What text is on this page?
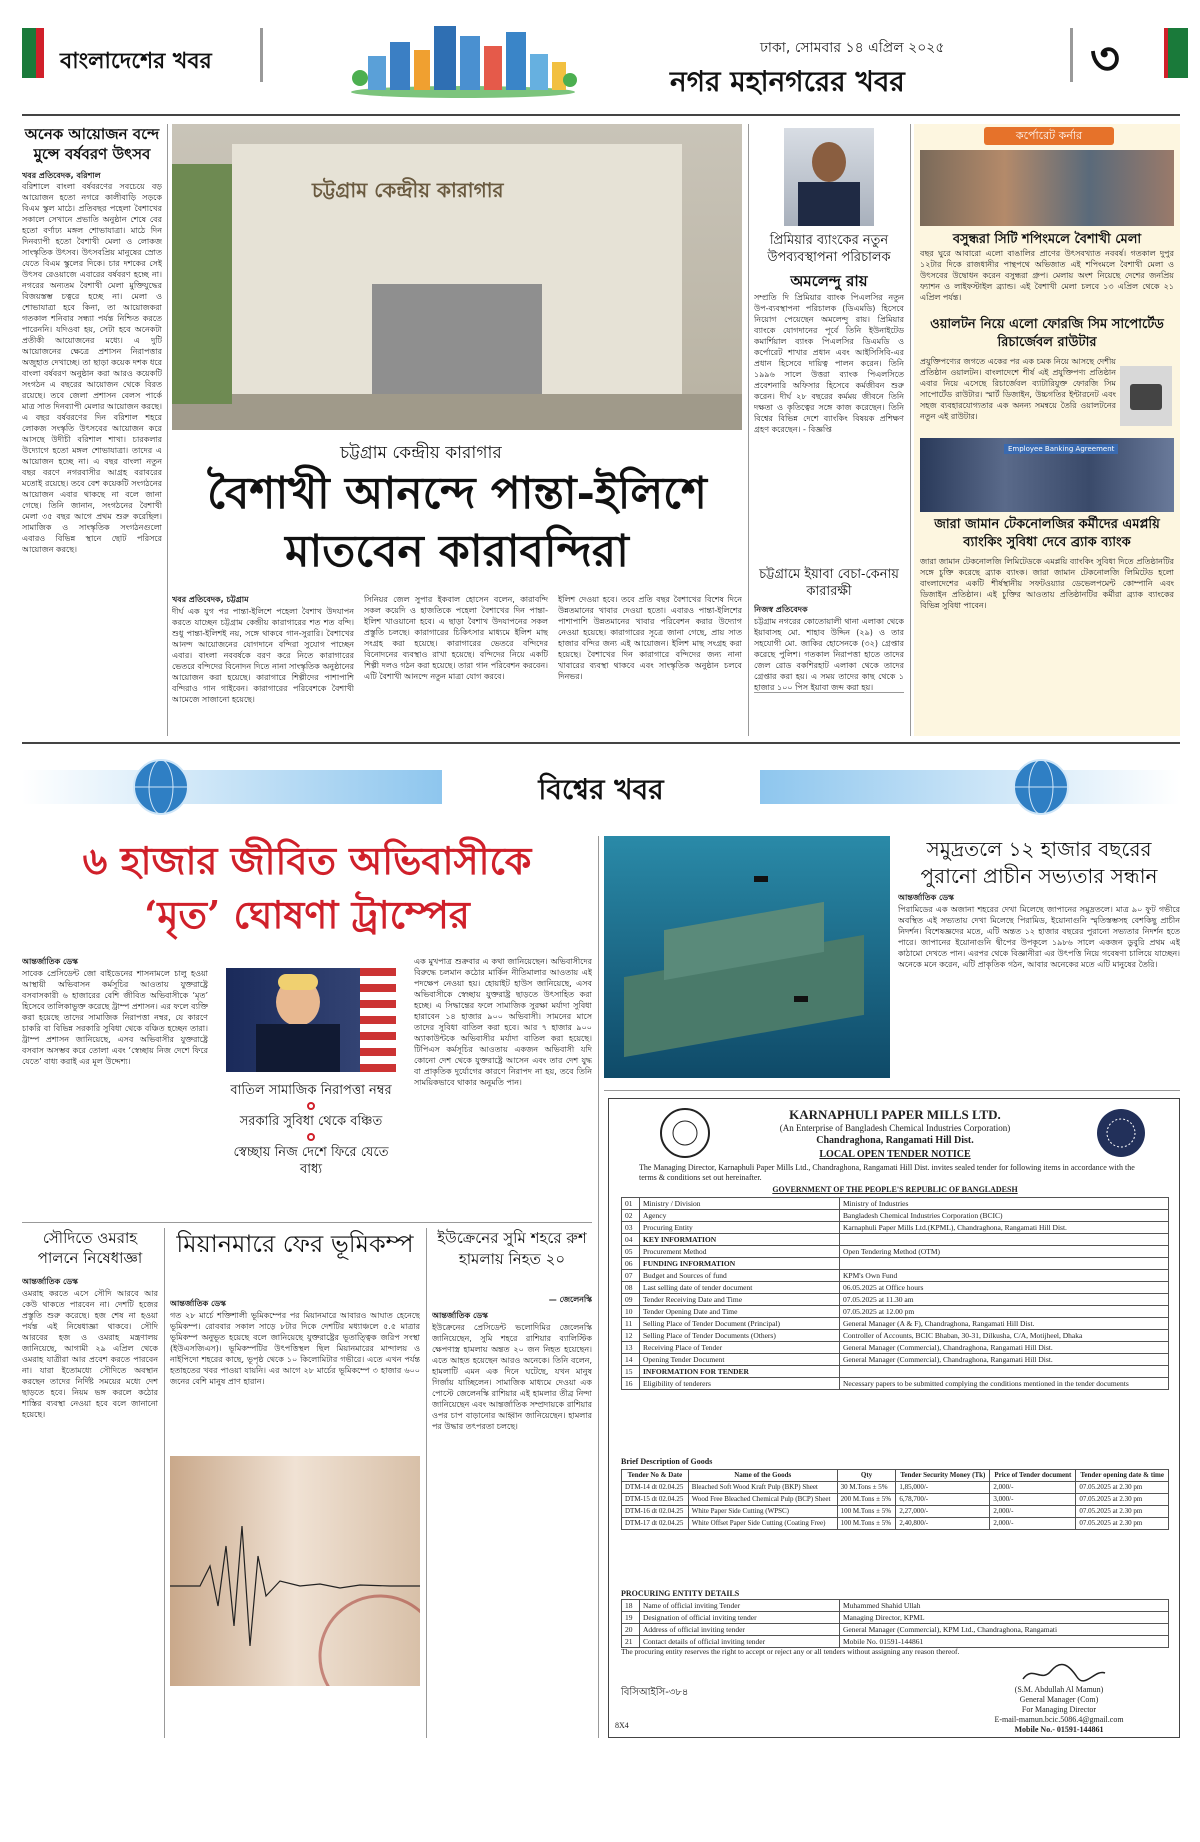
বাংলাদেশের খবর	ঢাকা, সোমবার ১৪ এপ্রিল ২০২৫
নগর মহানগরের খবর	৩
অনেক আয়োজন বন্দে মুন্সে বর্ষবরণ উৎসব
খবর প্রতিবেদক, বরিশাল
বরিশালে বাংলা বর্ষবরণের সবচেয়ে বড় আয়োজন হতো নগরে কালীবাড়ি সড়কে বিএম স্কুল মাঠে। প্রতিবছর পহেলা বৈশাখের সকালে সেখানে প্রভাতি অনুষ্ঠান শেষে বের হতো বর্ণাঢ্য মঙ্গল শোভাযাত্রা। মাঠে দিন দিনব্যাপী হতো বৈশাখী মেলা ও লোকজ সাংস্কৃতিক উৎসব। উৎসবপ্রিয় মানুষের স্রোত যেতে বিএম স্কুলের দিকে। চার দশকের সেই উৎসব রেওয়াজে এবারের বর্ষবরণ হচ্ছে না। নগরের অন্যতম বৈশাখী মেলা মুক্তিযুদ্ধের বিজয়স্তম্ভ চত্বরে হচ্ছে না। মেলা ও শোভাযাত্রা হবে কিনা, তা আয়োজকরা গতকাল শনিবার সন্ধ্যা পর্যন্ত নিশ্চিত করতে পারেননি। যদিওবা হয়, সেটা হবে অনেকটা প্রতীকী আয়োজনের মধ্যে। এ দুটি আয়োজনের ক্ষেত্রে প্রশাসন নিরাপত্তার অজুহাত দেখাচ্ছে। তা ছাড়া কয়েক দশক ধরে বাংলা বর্ষবরণ অনুষ্ঠান করা আরও কয়েকটি সংগঠন এ বছরের আয়োজন থেকে বিরত রয়েছে। তবে জেলা প্রশাসন বেলস পার্কে মাত্র সাত দিনব্যাপী মেলার আয়োজন করছে। এ বছর বর্ষবরণের দিন বরিশাল শহরে লোকজ সংস্কৃতি উৎসবের আয়োজন করে আসছে উদীচী বরিশাল শাখা। চারকলার উদ্যোগে হতো মঙ্গল শোভাযাত্রা। তাদের এ আয়োজন হচ্ছে না। এ বছর বাংলা নতুন বছর বরণে নগরবাসীর আগ্রহ বরাবরের মতোই রয়েছে। তবে বেশ কয়েকটি সংগঠনের আয়োজন এবার থাকছে না বলে জানা গেছে। তিনি জানান, সংগঠনের বৈশাখী মেলা ৩৫ বছর আগে প্রথম শুরু করেছিল। সামাজিক ও সাংস্কৃতিক সংগঠনগুলো এবারও বিভিন্ন স্থানে ছোট পরিসরে আয়োজন করছে।
চট্টগ্রাম কেন্দ্রীয় কারাগার
চট্টগ্রাম কেন্দ্রীয় কারাগার
বৈশাখী আনন্দে পান্তা-ইলিশে
মাতবেন কারাবন্দিরা
খবর প্রতিবেদক, চট্টগ্রাম
দীর্ঘ এক যুগ পর পান্তা-ইলিশে পহেলা বৈশাখ উদযাপন করতে যাচ্ছেন চট্টগ্রাম কেন্দ্রীয় কারাগারের শত শত বন্দি। শুধু পান্তা-ইলিশই নয়, সঙ্গে থাকবে গান-সুরারি। বৈশাখের আনন্দ আয়োজনের যোগদানে বন্দিরা সুযোগ পাচ্ছেন এবার। বাংলা নববর্ষকে বরণ করে নিতে কারাগারের ভেতরে বন্দিদের বিনোদন দিতে নানা সাংস্কৃতিক অনুষ্ঠানের আয়োজন করা হয়েছে। কারাগারে শিল্পীদের পাশাপাশি বন্দিরাও গান গাইবেন। কারাগারের পরিবেশকে বৈশাখী আমেজে সাজানো হয়েছে।
সিনিয়র জেল সুপার ইকবাল হোসেন বলেন, কারাবন্দি সকল কয়েদি ও হাজতিকে পহেলা বৈশাখের দিন পান্তা-ইলিশ খাওয়ানো হবে। এ ছাড়া বৈশাখ উদযাপনের সকল প্রস্তুতি চলছে। কারাগারের চিকিৎসার মাধ্যমে ইলিশ মাছ সংগ্রহ করা হয়েছে। কারাগারের ভেতরে বন্দিদের বিনোদনের ব্যবস্থাও রাখা হয়েছে। বন্দিদের নিয়ে একটি শিল্পী দলও গঠন করা হয়েছে। তারা গান পরিবেশন করবেন। এটি বৈশাখী আনন্দে নতুন মাত্রা যোগ করবে।
ইলিশ দেওয়া হবে। তবে প্রতি বছর বৈশাখের বিশেষ দিনে উন্নতমানের খাবার দেওয়া হতো। এবারও পান্তা-ইলিশের পাশাপাশি উন্নতমানের খাবার পরিবেশন করার উদ্যোগ নেওয়া হয়েছে। কারাগারের সূত্রে জানা গেছে, প্রায় সাত হাজার বন্দির জন্য এই আয়োজন। ইলিশ মাছ সংগ্রহ করা হয়েছে। বৈশাখের দিন কারাগারে বন্দিদের জন্য নানা খাবারের ব্যবস্থা থাকবে এবং সাংস্কৃতিক অনুষ্ঠান চলবে দিনভর।
প্রিমিয়ার ব্যাংকের নতুন উপব্যবস্থাপনা পরিচালক
অমলেন্দু রায়
সম্প্রতি দি প্রিমিয়ার ব্যাংক পিএলসির নতুন উপ-ব্যবস্থাপনা পরিচালক (ডিএমডি) হিসেবে নিয়োগ পেয়েছেন অমলেন্দু রায়। প্রিমিয়ার ব্যাংকে যোগদানের পূর্বে তিনি ইউনাইটেড কমার্শিয়াল ব্যাংক পিএলসির ডিএমডি ও কর্পোরেট শাখার প্রধান এবং আইসিসিবি-এর প্রধান হিসেবে দায়িত্ব পালন করেন। তিনি ১৯৯৬ সালে উত্তরা ব্যাংক পিএলসিতে প্রবেশনারি অফিসার হিসেবে কর্মজীবন শুরু করেন। দীর্ঘ ২৮ বছরের কর্মময় জীবনে তিনি দক্ষতা ও কৃতিত্বের সঙ্গে কাজ করেছেন। তিনি বিশ্বের বিভিন্ন দেশে ব্যাংকিং বিষয়ক প্রশিক্ষণ গ্রহণ করেছেন। - বিজ্ঞপ্তি
চট্টগ্রামে ইয়াবা বেচা-কেনায় কারারক্ষী
নিজস্ব প্রতিবেদক
চট্টগ্রাম নগরের কোতোয়ালী থানা এলাকা থেকে ইয়াবাসহ মো. শাহাব উদ্দিন (২৯) ও তার সহযোগী মো. জাকির হোসেনকে (৩২) গ্রেপ্তার করেছে পুলিশ। গতকাল নিরাপত্তা হাতে তাদের জেল রোড বকশিরহাট এলাকা থেকে তাদের গ্রেপ্তার করা হয়। এ সময় তাদের কাছ থেকে ১ হাজার ১০০ পিস ইয়াবা জব্দ করা হয়।
কর্পোরেট কর্নার
বসুন্ধরা সিটি শপিংমলে বৈশাখী মেলা
বছর ঘুরে আবারো এলো বাঙালির প্রাণের উৎসবখ্যাত নববর্ষ। গতকাল দুপুর ১২টার দিকে রাজধানীর পান্থপথে অভিজাত এই শপিংমলে বৈশাখী মেলা ও উৎসবের উদ্বোধন করেন বসুন্ধরা গ্রুপ। মেলায় অংশ নিয়েছে দেশের জনপ্রিয় ফ্যাশন ও লাইফস্টাইল ব্র্যান্ড। এই বৈশাখী মেলা চলবে ১৩ এপ্রিল থেকে ২১ এপ্রিল পর্যন্ত।
ওয়ালটন নিয়ে এলো ফোরজি সিম সাপোর্টেড রিচার্জেবল রাউটার
প্রযুক্তিপণ্যের জগতে একের পর এক চমক নিয়ে আসছে দেশীয় প্রতিষ্ঠান ওয়ালটন। বাংলাদেশে শীর্ষ এই প্রযুক্তিপণ্য প্রতিষ্ঠান এবার নিয়ে এসেছে রিচার্জেবল ব্যাটারিযুক্ত ফোরজি সিম সাপোর্টেড রাউটার। স্মার্ট ডিজাইন, উচ্চগতির ইন্টারনেট এবং সহজ ব্যবহারযোগ্যতার এক অনন্য সমন্বয়ে তৈরি ওয়ালটনের নতুন এই রাউটার।
Employee Banking Agreement
জারা জামান টেকনোলজির কর্মীদের এমপ্লয়ি ব্যাংকিং সুবিধা দেবে ব্র্যাক ব্যাংক
জারা জামান টেকনোলজি লিমিটেডকে এমপ্লয়ি ব্যাংকিং সুবিধা দিতে প্রতিষ্ঠানটির সঙ্গে চুক্তি করেছে ব্র্যাক ব্যাংক। জারা জামান টেকনোলজি লিমিটেড হলো বাংলাদেশের একটি শীর্ষস্থানীয় সফটওয়্যার ডেভেলপমেন্ট কোম্পানি এবং ডিজাইন প্রতিষ্ঠান। এই চুক্তির আওতায় প্রতিষ্ঠানটির কর্মীরা ব্র্যাক ব্যাংকের বিভিন্ন সুবিধা পাবেন।
বিশ্বের খবর
৬ হাজার জীবিত অভিবাসীকে
‘মৃত’ ঘোষণা ট্রাম্পের
আন্তর্জাতিক ডেস্ক
সাবেক প্রেসিডেন্ট জো বাইডেনের শাসনামলে চালু হওয়া আস্থায়ী অভিবাসন কর্মসূচির আওতায় যুক্তরাষ্ট্রে বসবাসকারী ৬ হাজারের বেশি জীবিত অভিবাসীকে ‘মৃত’ হিসেবে তালিকাভুক্ত করেছে ট্রাম্প প্রশাসন। এর ফলে ব্যক্তি করা হয়েছে তাদের সামাজিক নিরাপত্তা নম্বর, যে কারণে চাকরি বা বিভিন্ন সরকারি সুবিধা থেকে বঞ্চিত হচ্ছেন তারা। ট্রাম্প প্রশাসন জানিয়েছে, এসব অভিবাসীর যুক্তরাষ্ট্রে বসবাস অসম্ভব করে তোলা এবং ‘স্বেচ্ছায় নিজ দেশে ফিরে যেতে’ বাধ্য করাই এর মূল উদ্দেশ্য।
বাতিল সামাজিক নিরাপত্তা নম্বর
সরকারি সুবিধা থেকে বঞ্চিত
স্বেচ্ছায় নিজ দেশে ফিরে যেতে বাধ্য
এক মুখপাত্র শুক্রবার এ কথা জানিয়েছেন। অভিবাসীদের বিরুদ্ধে চলমান কঠোর মার্কিন নীতিমালার আওতায় এই পদক্ষেপ নেওয়া হয়। হোয়াইট হাউস জানিয়েছে, এসব অভিবাসীকে স্বেচ্ছায় যুক্তরাষ্ট্র ছাড়তে উৎসাহিত করা হচ্ছে। এ সিদ্ধান্তের ফলে সামাজিক সুরক্ষা মর্যাদা সুবিধা হারাবেন ১৪ হাজার ৯০০ অভিবাসী। সামনের মাসে তাদের সুবিধা বাতিল করা হবে। আর ৭ হাজার ৯০০ অ্যাকাউন্টকে অভিবাসীর মর্যাদা বাতিল করা হয়েছে। টিপিএস কর্মসূচির আওতায় একজন অভিবাসী যদি কোনো দেশ থেকে যুক্তরাষ্ট্রে আসেন এবং তার দেশ যুদ্ধ বা প্রাকৃতিক দুর্যোগের কারণে নিরাপদ না হয়, তবে তিনি সাময়িকভাবে থাকার অনুমতি পান।
সৌদিতে ওমরাহ পালনে নিষেধাজ্ঞা
আন্তর্জাতিক ডেস্ক
ওমরাহ করতে এসে সৌদি আরবে আর কেউ থাকতে পারবেন না। দেশটি হজের প্রস্তুতি শুরু করেছে। হজ শেষ না হওয়া পর্যন্ত এই নিষেধাজ্ঞা থাকবে। সৌদি আরবের হজ ও ওমরাহ মন্ত্রণালয় জানিয়েছে, আগামী ২৯ এপ্রিল থেকে ওমরাহ যাত্রীরা আর প্রবেশ করতে পারবেন না। যারা ইতোমধ্যে সৌদিতে অবস্থান করছেন তাদের নির্দিষ্ট সময়ের মধ্যে দেশ ছাড়তে হবে। নিয়ম ভঙ্গ করলে কঠোর শাস্তির ব্যবস্থা নেওয়া হবে বলে জানানো হয়েছে।
মিয়ানমারে ফের ভূমিকম্প
আন্তর্জাতিক ডেস্ক
গত ২৮ মার্চে শক্তিশালী ভূমিকম্পের পর মিয়ানমারে আবারও আঘাত হেনেছে ভূমিকম্প। রোববার সকাল সাড়ে ৮টার দিকে দেশটির মধ্যাঞ্চলে ৫.৫ মাত্রার ভূমিকম্প অনুভূত হয়েছে বলে জানিয়েছে যুক্তরাষ্ট্রের ভূতাত্ত্বিক জরিপ সংস্থা (ইউএসজিএস)। ভূমিকম্পটির উৎপত্তিস্থল ছিল মিয়ানমারের মান্দালয় ও নাইপিদো শহরের কাছে, ভূপৃষ্ঠ থেকে ১০ কিলোমিটার গভীরে। এতে এখন পর্যন্ত হতাহতের খবর পাওয়া যায়নি। এর আগে ২৮ মার্চের ভূমিকম্পে ৩ হাজার ৬০০ জনের বেশি মানুষ প্রাণ হারান।
ইউক্রেনের সুমি শহরে রুশ হামলায় নিহত ২০
— জেলেনস্কি
আন্তর্জাতিক ডেস্ক
ইউক্রেনের প্রেসিডেন্ট ভলোদিমির জেলেনস্কি জানিয়েছেন, সুমি শহরে রাশিয়ার ব্যালিস্টিক ক্ষেপণাস্ত্র হামলায় অন্তত ২০ জন নিহত হয়েছেন। এতে আহত হয়েছেন আরও অনেকে। তিনি বলেন, হামলাটি এমন এক দিনে ঘটেছে, যখন মানুষ গির্জায় যাচ্ছিলেন। সামাজিক মাধ্যমে দেওয়া এক পোস্টে জেলেনস্কি রাশিয়ার এই হামলার তীব্র নিন্দা জানিয়েছেন এবং আন্তর্জাতিক সম্প্রদায়কে রাশিয়ার ওপর চাপ বাড়ানোর আহ্বান জানিয়েছেন। হামলার পর উদ্ধার তৎপরতা চলছে।
সমুদ্রতলে ১২ হাজার বছরের পুরানো প্রাচীন সভ্যতার সন্ধান
আন্তর্জাতিক ডেস্ক
পিরামিডের এক অজানা শহরের দেখা মিলেছে জাপানের সমুদ্রতলে। মাত্র ৯০ ফুট গভীরে অবস্থিত এই সভ্যতায় দেখা মিলেছে পিরামিড, ইয়োনাগুনি স্মৃতিস্তম্ভসহ বেশকিছু প্রাচীন নিদর্শন। বিশেষজ্ঞদের মতে, এটি অন্তত ১২ হাজার বছরের পুরানো সভ্যতার নিদর্শন হতে পারে। জাপানের ইয়োনাগুনি দ্বীপের উপকূলে ১৯৮৬ সালে একজন ডুবুরি প্রথম এই কাঠামো দেখতে পান। এরপর থেকে বিজ্ঞানীরা এর উৎপত্তি নিয়ে গবেষণা চালিয়ে যাচ্ছেন। অনেকে মনে করেন, এটি প্রাকৃতিক গঠন, আবার অনেকের মতে এটি মানুষের তৈরি।
KARNAPHULI PAPER MILLS LTD.
(An Enterprise of Bangladesh Chemical Industries Corporation)
Chandraghona, Rangamati Hill Dist.
LOCAL OPEN TENDER NOTICE
The Managing Director, Karnaphuli Paper Mills Ltd., Chandraghona, Rangamati Hill Dist. invites sealed tender for following items in accordance with the terms & conditions set out hereinafter.
GOVERNMENT OF THE PEOPLE'S REPUBLIC OF BANGLADESH
01	Ministry / Division	Ministry of Industries
02	Agency	Bangladesh Chemical Industries Corporation (BCIC)
03	Procuring Entity	Karnaphuli Paper Mills Ltd.(KPML), Chandraghona, Rangamati Hill Dist.
04	KEY INFORMATION	
05	Procurement Method	Open Tendering Method (OTM)
06	FUNDING INFORMATION	
07	Budget and Sources of fund	KPM's Own Fund
08	Last selling date of tender document	06.05.2025 at Office hours
09	Tender Receiving Date and Time	07.05.2025 at 11.30 am
10	Tender Opening Date and Time	07.05.2025 at 12.00 pm
11	Selling Place of Tender Document (Principal)	General Manager (A & F), Chandraghona, Rangamati Hill Dist.
12	Selling Place of Tender Documents (Others)	Controller of Accounts, BCIC Bhaban, 30-31, Dilkusha, C/A, Motijheel, Dhaka
13	Receiving Place of Tender	General Manager (Commercial), Chandraghona, Rangamati Hill Dist.
14	Opening Tender Document	General Manager (Commercial), Chandraghona, Rangamati Hill Dist.
15	INFORMATION FOR TENDER	
16	Eligibility of tenderers	Necessary papers to be submitted complying the conditions mentioned in the tender documents
Brief Description of Goods
Tender No & Date	Name of the Goods	Qty	Tender Security Money (Tk)	Price of Tender document	Tender opening date & time
DTM-14 dt 02.04.25	Bleached Soft Wood Kraft Pulp (BKP) Sheet	30 M.Tons ± 5%	1,85,000/-	2,000/-	07.05.2025 at 2.30 pm
DTM-15 dt 02.04.25	Wood Free Bleached Chemical Pulp (BCP) Sheet	200 M.Tons ± 5%	6,78,700/-	3,000/-	07.05.2025 at 2.30 pm
DTM-16 dt 02.04.25	White Paper Side Cutting (WPSC)	100 M.Tons ± 5%	2,27,000/-	2,000/-	07.05.2025 at 2.30 pm
DTM-17 dt 02.04.25	White Offset Paper Side Cutting (Coating Free)	100 M.Tons ± 5%	2,40,800/-	2,000/-	07.05.2025 at 2.30 pm
PROCURING ENTITY DETAILS
18	Name of official inviting Tender	Muhammed Shahid Ullah
19	Designation of official inviting tender	Managing Director, KPML
20	Address of official inviting tender	General Manager (Commercial), KPM Ltd., Chandraghona, Rangamati
21	Contact details of official inviting tender	Mobile No. 01591-144861
The procuring entity reserves the right to accept or reject any or all tenders without assigning any reason thereof.
বিসিআইসি-৩৮৪	(S.M. Abdullah Al Mamun)
General Manager (Com)
For Managing Director
E-mail-mamun.bcic.5086.4@gmail.com
Mobile No.- 01591-144861
8X4
